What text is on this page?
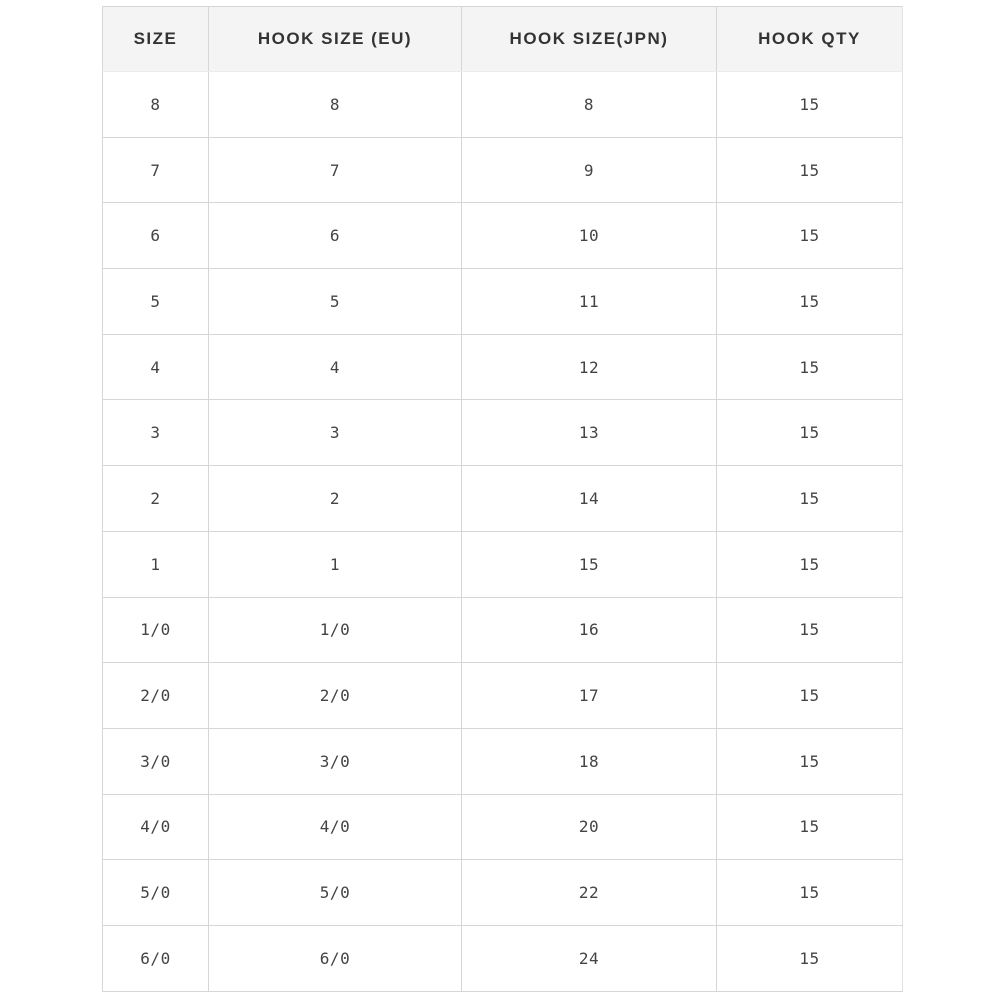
SIZE	HOOK SIZE (EU)	HOOK SIZE(JPN)	HOOK QTY
8	8	8	15
7	7	9	15
6	6	10	15
5	5	11	15
4	4	12	15
3	3	13	15
2	2	14	15
1	1	15	15
1/0	1/0	16	15
2/0	2/0	17	15
3/0	3/0	18	15
4/0	4/0	20	15
5/0	5/0	22	15
6/0	6/0	24	15
